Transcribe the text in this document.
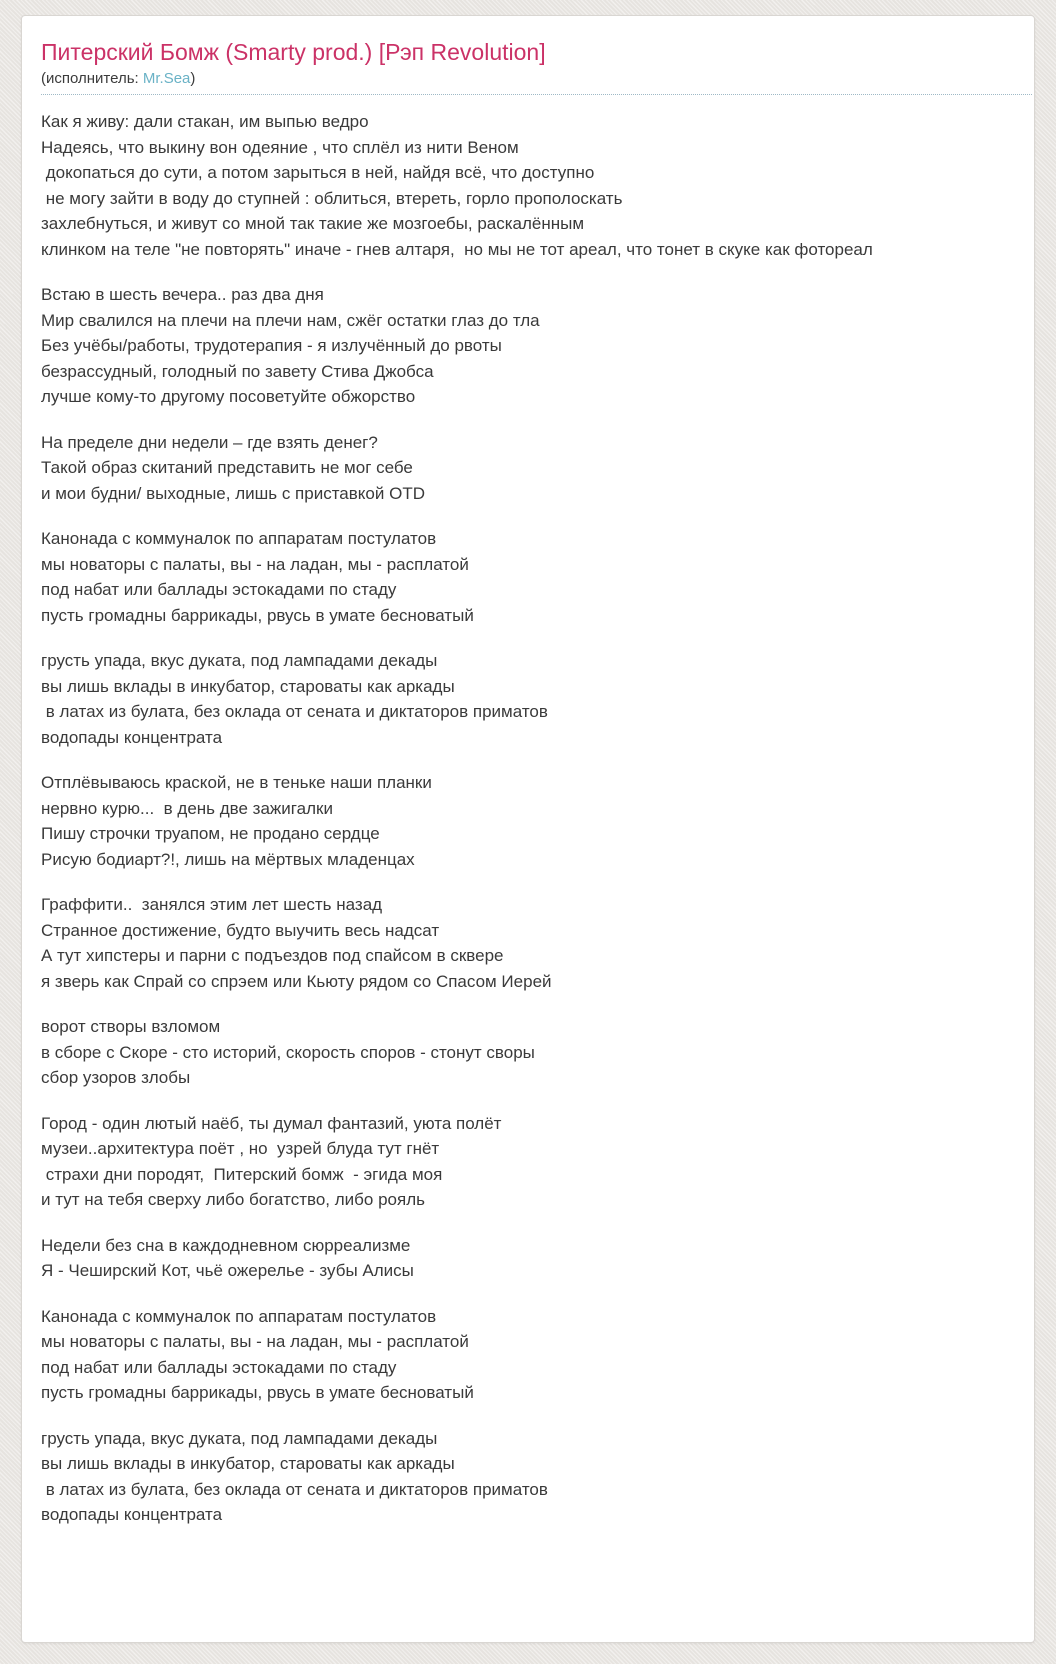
Питерский Бомж (Smarty prod.) [Рэп Revolution]
(исполнитель: Mr.Sea)
Как я живу: дали стакан, им выпью ведро
Надеясь, что выкину вон одеяние , что сплёл из нити Веном
докопаться до сути, а потом зарыться в ней, найдя всё, что доступно
не могу зайти в воду до ступней : облиться, втереть, горло прополоскать
захлебнуться, и живут со мной так такие же мозгоебы, раскалённым
клинком на теле "не повторять" иначе - гнев алтаря,  но мы не тот ареал, что тонет в скуке как фотореал
Встаю в шесть вечера.. раз два дня
Мир свалился на плечи на плечи нам, сжёг остатки глаз до тла
Без учёбы/работы, трудотерапия - я излучённый до рвоты
безрассудный, голодный по завету Стива Джобса
лучше кому-то другому посоветуйте обжорство
На пределе дни недели – где взять денег?
Такой образ скитаний представить не мог себе
и мои будни/ выходные, лишь с приставкой OTD
Канонада с коммуналок по аппаратам постулатов
мы новаторы с палаты, вы - на ладан, мы - расплатой
под набат или баллады эстокадами по стаду
пусть громадны баррикады, рвусь в умате бесноватый
грусть упада, вкус дуката, под лампадами декады
вы лишь вклады в инкубатор, староваты как аркады
в латах из булата, без оклада от сената и диктаторов приматов
водопады концентрата
Отплёвываюсь краской, не в теньке наши планки
нервно курю...  в день две зажигалки
Пишу строчки труапом, не продано сердце
Рисую бодиарт?!, лишь на мёртвых младенцах
Граффити..  занялся этим лет шесть назад
Странное достижение, будто выучить весь надсат
А тут хипстеры и парни с подъездов под спайсом в сквере
я зверь как Спрай со спрэем или Кьюту рядом со Спасом Иерей
ворот створы взломом
в сборе с Скоре - сто историй, скорость споров - стонут своры
сбор узоров злобы
Город - один лютый наёб, ты думал фантазий, уюта полёт
музеи..архитектура поёт , но  узрей блуда тут гнёт
страхи дни породят,  Питерский бомж  - эгида моя
и тут на тебя сверху либо богатство, либо рояль
Недели без сна в каждодневном сюрреализме
Я - Чеширский Кот, чьё ожерелье - зубы Алисы
Канонада с коммуналок по аппаратам постулатов
мы новаторы с палаты, вы - на ладан, мы - расплатой
под набат или баллады эстокадами по стаду
пусть громадны баррикады, рвусь в умате бесноватый
грусть упада, вкус дуката, под лампадами декады
вы лишь вклады в инкубатор, староваты как аркады
в латах из булата, без оклада от сената и диктаторов приматов
водопады концентрата
